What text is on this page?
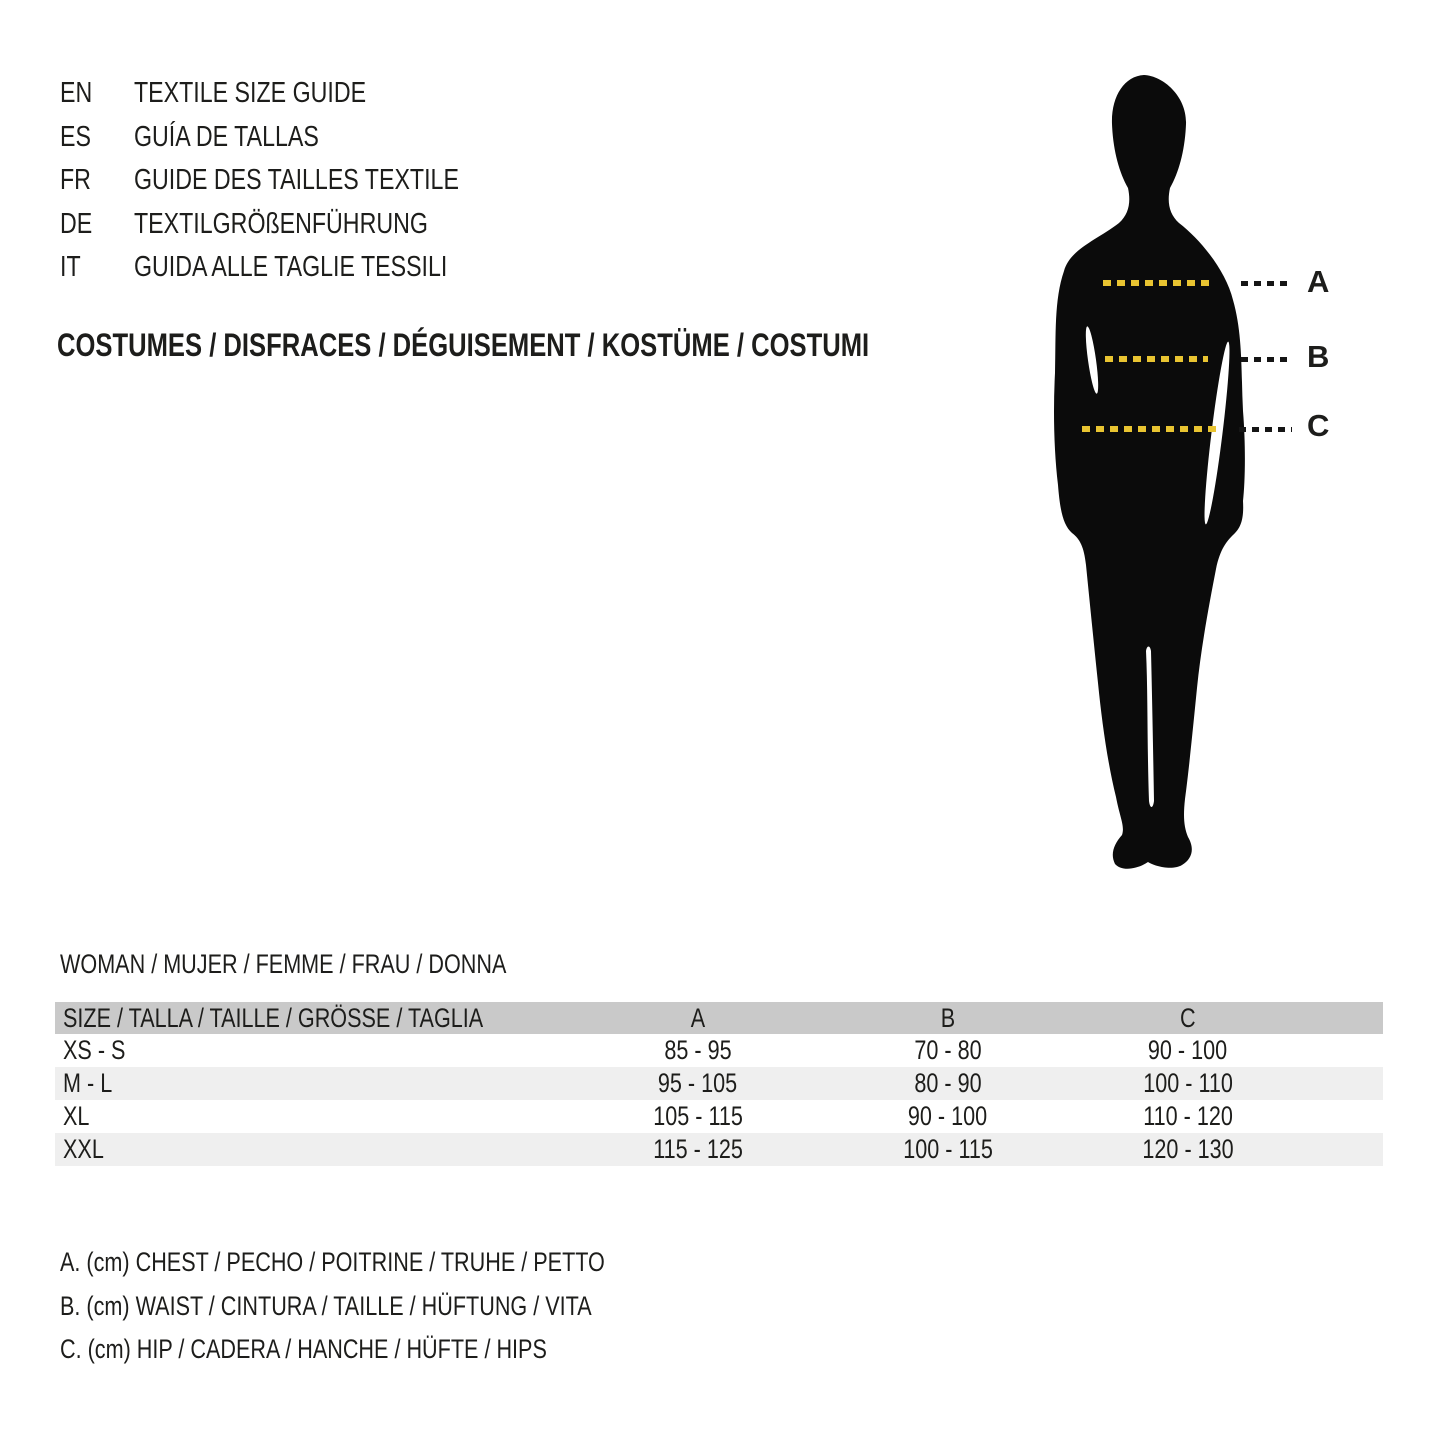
EN TEXTILE SIZE GUIDE
ES GUÍA DE TALLAS
FR GUIDE DES TAILLES TEXTILE
DE TEXTILGRÖßENFÜHRUNG
IT GUIDA ALLE TAGLIE TESSILI
COSTUMES / DISFRACES / DÉGUISEMENT / KOSTÜME / COSTUMI
A
B
C
WOMAN / MUJER / FEMME / FRAU / DONNA
SIZE / TALLA / TAILLE / GRÖSSE / TAGLIA	A	B	C
XS - S	85 - 95	70 - 80	90 - 100
M - L	95 - 105	80 - 90	100 - 110
XL	105 - 115	90 - 100	110 - 120
XXL	115 - 125	100 - 115	120 - 130
A. (cm) CHEST / PECHO / POITRINE / TRUHE / PETTO
B. (cm) WAIST / CINTURA / TAILLE / HÜFTUNG / VITA
C. (cm) HIP / CADERA / HANCHE / HÜFTE / HIPS
